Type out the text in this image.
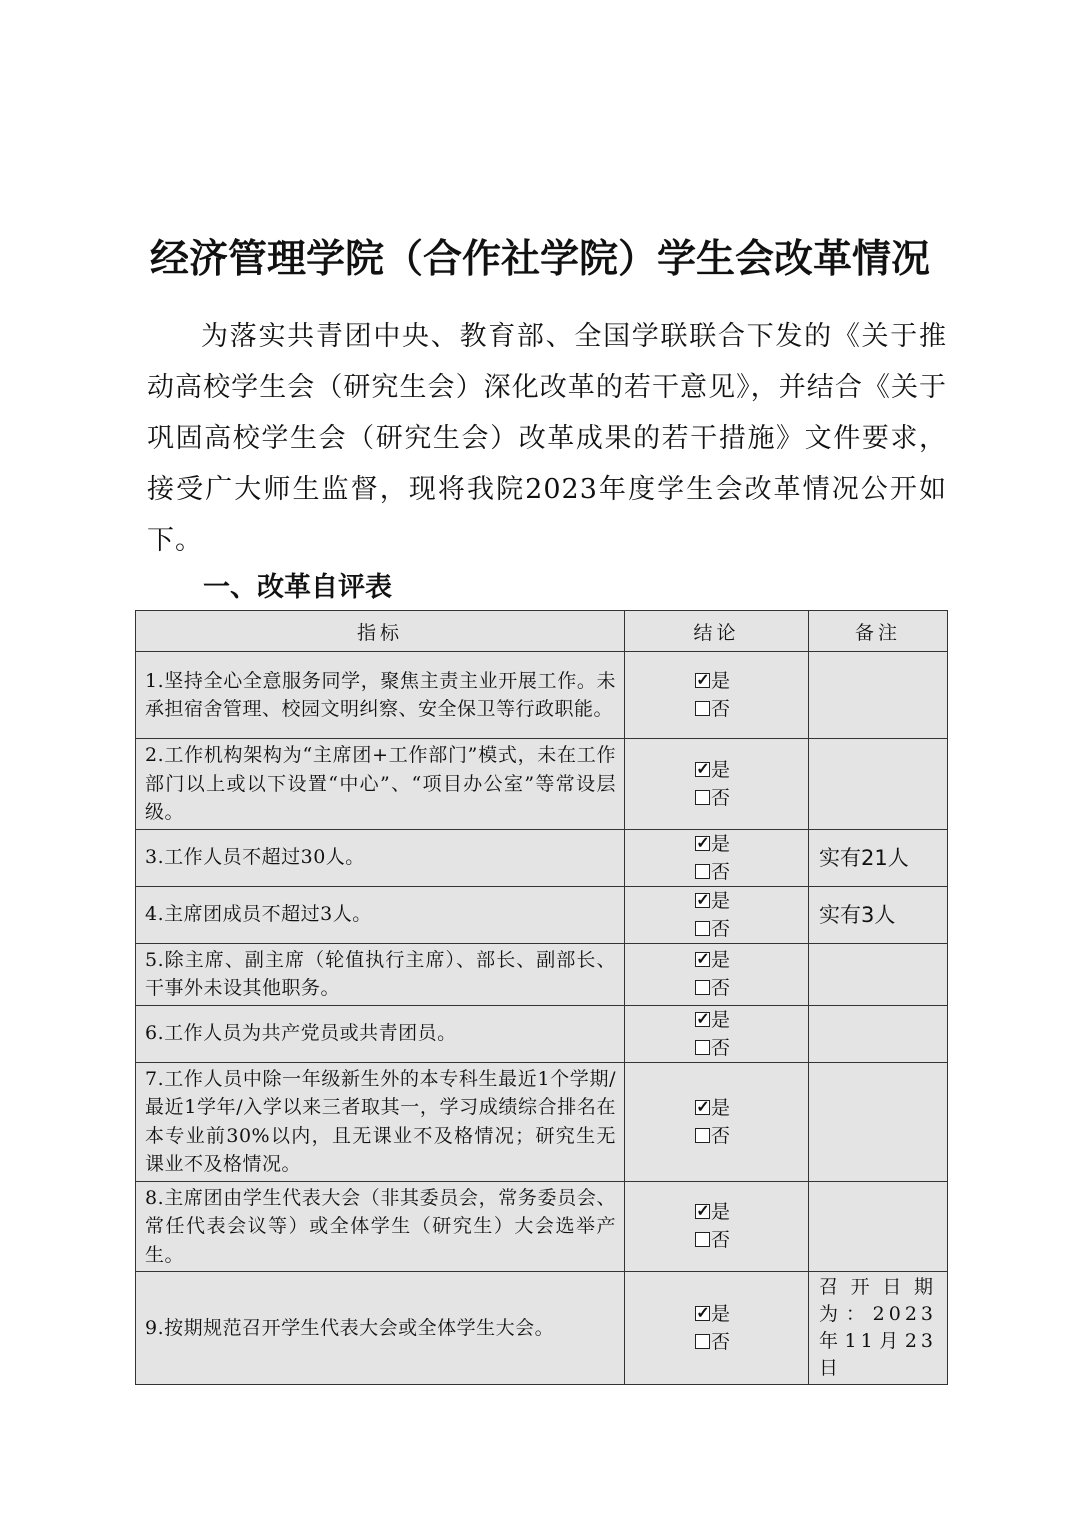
经济管理学院（合作社学院）学生会改革情况
为落实共青团中央、教育部、全国学联联合下发的《关于推动高校学生会（研究生会）深化改革的若干意见》，并结合《关于巩固高校学生会（研究生会）改革成果的若干措施》文件要求，接受广大师生监督，现将我院2023年度学生会改革情况公开如下。
一、改革自评表
指标	结论	备注
1.坚持全心全意服务同学，聚焦主责主业开展工作。未承担宿舍管理、校园文明纠察、安全保卫等行政职能。	✓ 是
否	

2.工作机构架构为“主席团+工作部门”模式，未在工作部门以上或以下设置“中心”、“项目办公室”等常设层级。	✓ 是
否	

3.工作人员不超过30人。	✓ 是
否	实有21人
4.主席团成员不超过3人。	✓ 是
否	实有3人
5.除主席、副主席（轮值执行主席）、部长、副部长、干事外未设其他职务。	✓ 是
否	

6.工作人员为共产党员或共青团员。	✓ 是
否	

7.工作人员中除一年级新生外的本专科生最近1个学期/最近1学年/入学以来三者取其一，学习成绩综合排名在本专业前30%以内，且无课业不及格情况；研究生无课业不及格情况。	✓ 是
否	

8.主席团由学生代表大会（非其委员会，常务委员会、常任代表会议等）或全体学生（研究生）大会选举产生。	✓ 是
否	

9.按期规范召开学生代表大会或全体学生大会。	✓ 是
否	召开日期为：2023年11月23日
